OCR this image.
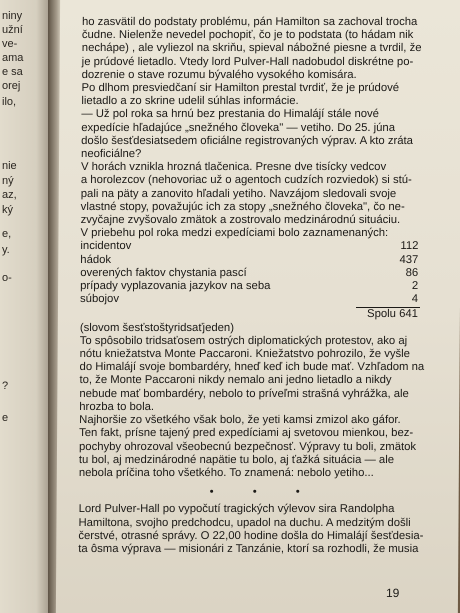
niny
užní
ve-
ama
e sa
orej
ilo,
nie
ný
az,
ký
e,
y.
o-
?
e
ho zasvätil do podstaty problému, pán Hamilton sa zachoval trocha
čudne. Nielenže nevedel pochopiť, čo je to podstata (to hádam nik
nechápe) , ale vyliezol na skriňu, spieval nábožné piesne a tvrdil, že
je prúdové lietadlo. Vtedy lord Pulver-Hall nadobudol diskrétne po-
dozrenie o stave rozumu bývalého vysokého komisára.
Po dlhom presviedčaní sir Hamilton prestal tvrdiť, že je prúdové
lietadlo a zo skrine udelil súhlas informácie.
— Už pol roka sa hrnú bez prestania do Himalájí stále nové
expedície hľadajúce „snežného človeka" — vetiho. Do 25. júna
došlo šesťdesiatsedem oficiálne registrovaných výprav. A kto zráta
neoficiálne?
V horách vznikla hrozná tlačenica. Presne dve tisícky vedcov
a horolezcov (nehovoriac už o agentoch cudzích rozviedok) si stú-
pali na päty a zanovito hľadali yetiho. Navzájom sledovali svoje
vlastné stopy, považujúc ich za stopy „snežného človeka", čo ne-
zvyčajne zvyšovalo zmätok a zostrovalo medzinárodnú situáciu.
V priebehu pol roka medzi expedíciami bolo zaznamenaných:
incidentov	112
hádok	437
overených faktov chystania pascí	86
prípady vyplazovania jazykov na seba	2
súbojov	4
Spolu 641
(slovom šesťstoštyridsaťjeden)
To spôsobilo tridsaťosem ostrých diplomatických protestov, ako aj
nótu kniežatstva Monte Paccaroni. Kniežatstvo pohrozilo, že vyšle
do Himalájí svoje bombardéry, hneď keď ich bude mať. Vzhľadom na
to, že Monte Paccaroni nikdy nemalo ani jedno lietadlo a nikdy
nebude mať bombardéry, nebolo to príveľmi strašná vyhrážka, ale
hrozba to bola.
Najhoršie zo všetkého však bolo, že yeti kamsi zmizol ako gáfor.
Ten fakt, prísne tajený pred expedíciami aj svetovou mienkou, bez-
pochyby ohrozoval všeobecnú bezpečnosť. Výpravy tu boli, zmätok
tu bol, aj medzinárodné napätie tu bolo, aj ťažká situácia — ale
nebola príčina toho všetkého. To znamená: nebolo yetiho...
• • •
Lord Pulver-Hall po vypočutí tragických výlevov sira Randolpha
Hamiltona, svojho predchodcu, upadol na duchu. A medzitým došli
čerstvé, otrasné správy. O 22,00 hodine došla do Himalájí šesťdesia-
ta ôsma výprava — misionári z Tanzánie, ktorí sa rozhodli, že musia
19
